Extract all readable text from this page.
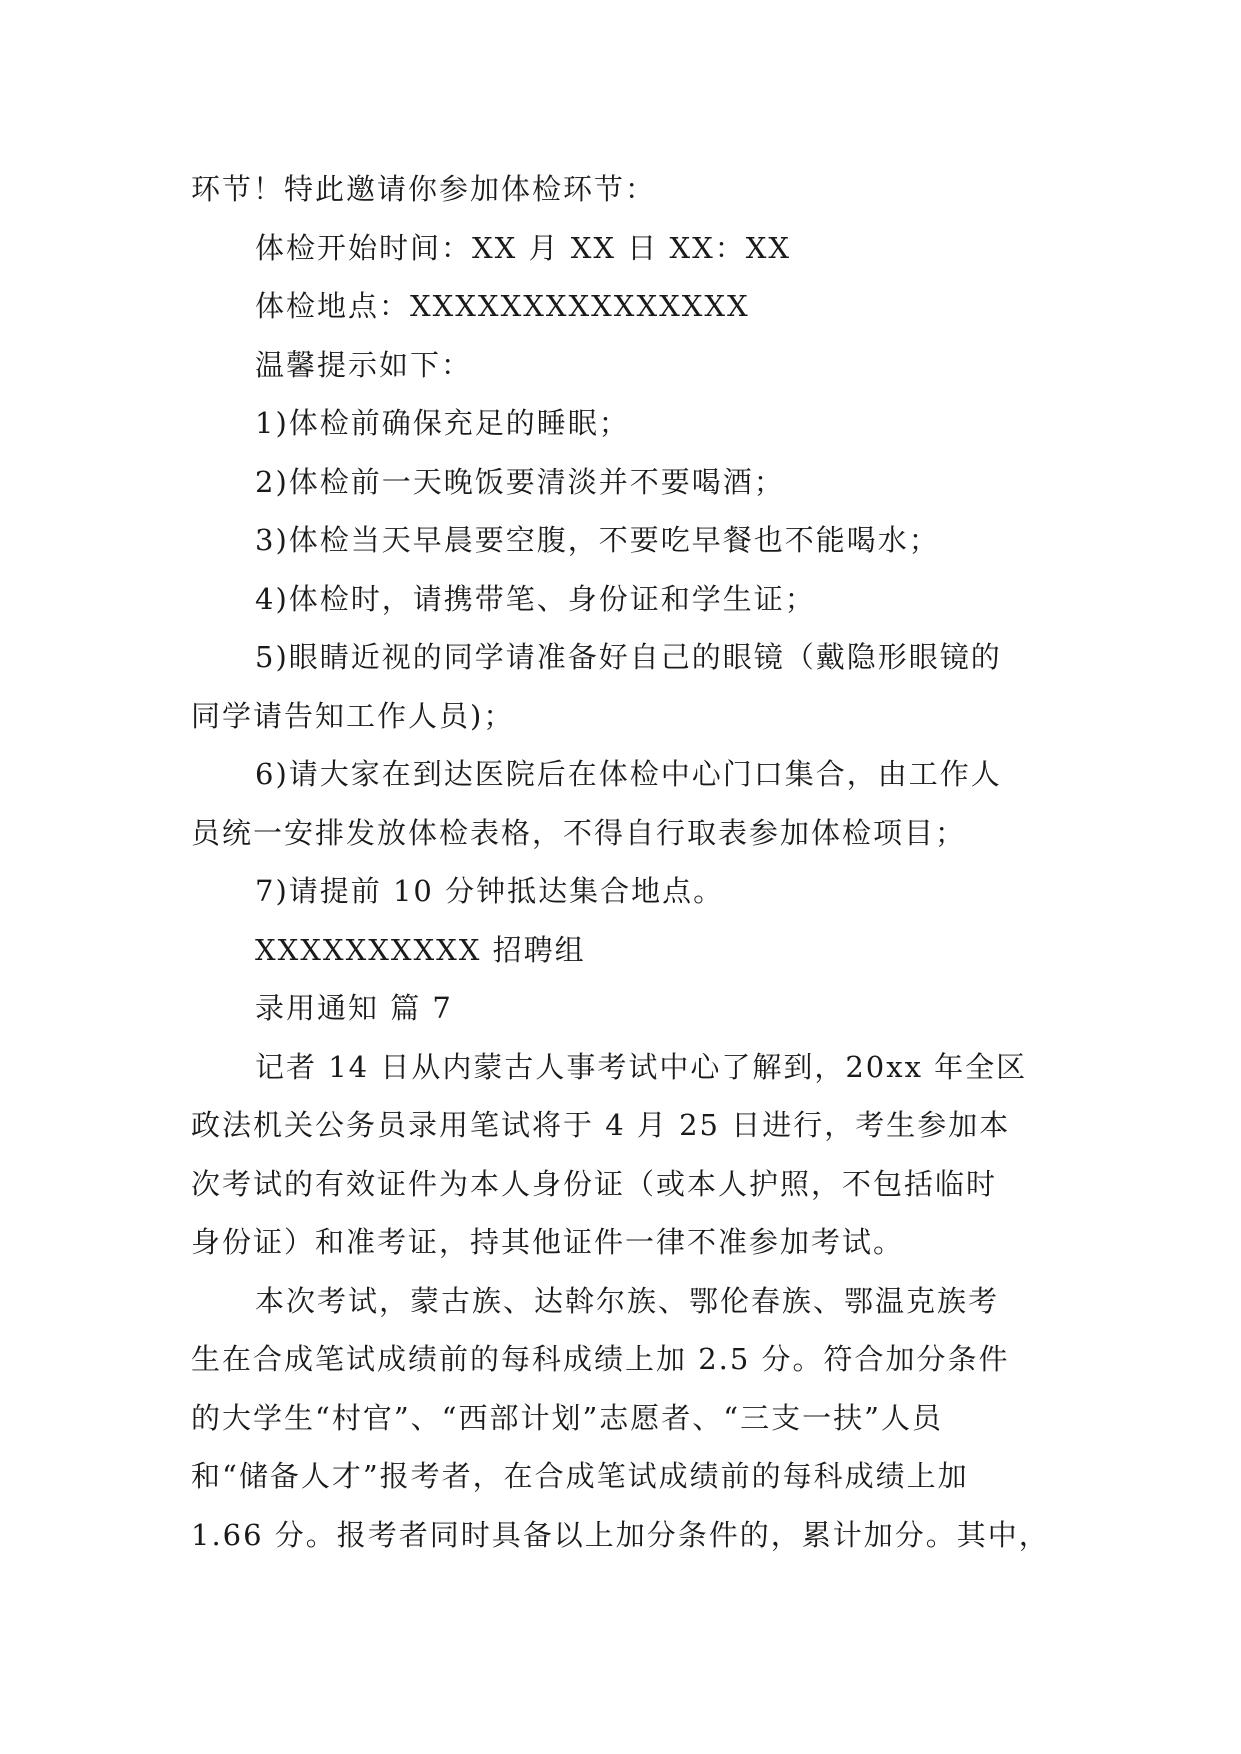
环节！特此邀请你参加体检环节：
体检开始时间：XX 月 XX 日 XX：XX
体检地点：XXXXXXXXXXXXXXX
温馨提示如下：
1)体检前确保充足的睡眠；
2)体检前一天晚饭要清淡并不要喝酒；
3)体检当天早晨要空腹，不要吃早餐也不能喝水；
4)体检时，请携带笔、身份证和学生证；
5)眼睛近视的同学请准备好自己的眼镜（戴隐形眼镜的
同学请告知工作人员)；
6)请大家在到达医院后在体检中心门口集合，由工作人
员统一安排发放体检表格，不得自行取表参加体检项目；
7)请提前 10 分钟抵达集合地点。
XXXXXXXXXX 招聘组
录用通知 篇 7
记者 14 日从内蒙古人事考试中心了解到，20xx 年全区
政法机关公务员录用笔试将于 4 月 25 日进行，考生参加本
次考试的有效证件为本人身份证（或本人护照，不包括临时
身份证）和准考证，持其他证件一律不准参加考试。
本次考试，蒙古族、达斡尔族、鄂伦春族、鄂温克族考
生在合成笔试成绩前的每科成绩上加 2.5 分。符合加分条件
的大学生“村官”、“西部计划”志愿者、“三支一扶”人员
和“储备人才”报考者，在合成笔试成绩前的每科成绩上加
1.66 分。报考者同时具备以上加分条件的，累计加分。其中，
